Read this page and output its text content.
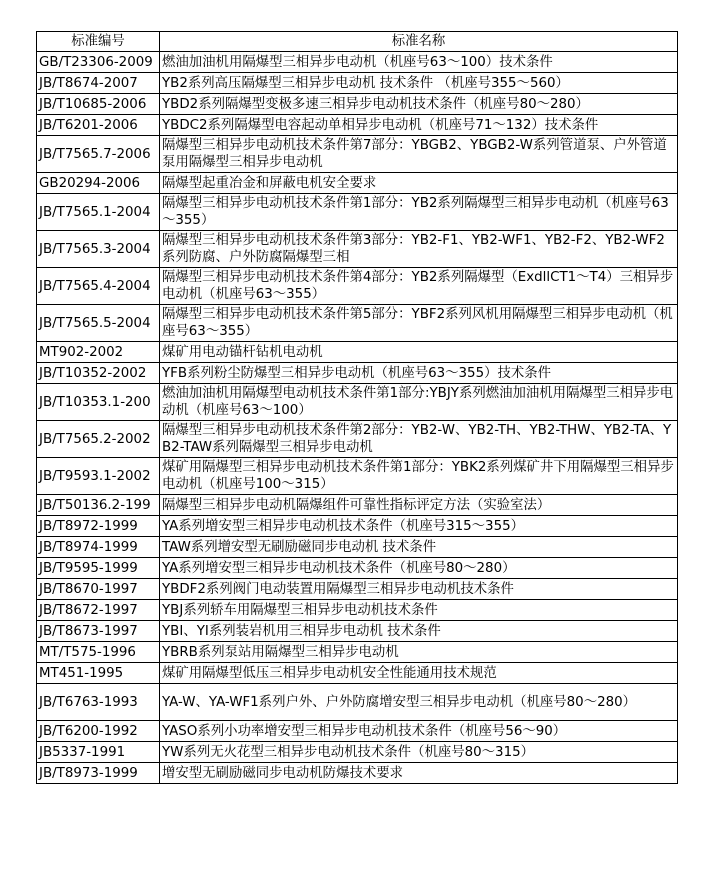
标准编号	标准名称
GB/T23306-2009	燃油加油机用隔爆型三相异步电动机（机座号63～100）技术条件
JB/T8674-2007	YB2系列高压隔爆型三相异步电动机 技术条件 （机座号355～560）
JB/T10685-2006	YBD2系列隔爆型变极多速三相异步电动机技术条件（机座号80～280）
JB/T6201-2006	YBDC2系列隔爆型电容起动单相异步电动机（机座号71～132）技术条件
JB/T7565.7-2006	隔爆型三相异步电动机技术条件第7部分：YBGB2、YBGB2-W系列管道泵、户外管道泵用隔爆型三相异步电动机
GB20294-2006	隔爆型起重冶金和屏蔽电机安全要求
JB/T7565.1-2004	隔爆型三相异步电动机技术条件第1部分：YB2系列隔爆型三相异步电动机（机座号63～355）
JB/T7565.3-2004	隔爆型三相异步电动机技术条件第3部分：YB2-F1、YB2-WF1、YB2-F2、YB2-WF2系列防腐、户外防腐隔爆型三相
JB/T7565.4-2004	隔爆型三相异步电动机技术条件第4部分：YB2系列隔爆型（ExdllCT1～T4）三相异步电动机（机座号63～355）
JB/T7565.5-2004	隔爆型三相异步电动机技术条件第5部分：YBF2系列风机用隔爆型三相异步电动机（机座号63～355）
MT902-2002	煤矿用电动锚杆钻机电动机
JB/T10352-2002	YFB系列粉尘防爆型三相异步电动机（机座号63～355）技术条件
JB/T10353.1-200	燃油加油机用隔爆型电动机技术条件第1部分:YBJY系列燃油加油机用隔爆型三相异步电动机（机座号63～100）
JB/T7565.2-2002	隔爆型三相异步电动机技术条件第2部分：YB2-W、YB2-TH、YB2-THW、YB2-TA、YB2-TAW系列隔爆型三相异步电动机
JB/T9593.1-2002	煤矿用隔爆型三相异步电动机技术条件第1部分：YBK2系列煤矿井下用隔爆型三相异步电动机（机座号100～315）
JB/T50136.2-199	隔爆型三相异步电动机隔爆组件可靠性指标评定方法（实验室法）
JB/T8972-1999	YA系列增安型三相异步电动机技术条件（机座号315～355）
JB/T8974-1999	TAW系列增安型无刷励磁同步电动机 技术条件
JB/T9595-1999	YA系列增安型三相异步电动机技术条件（机座号80～280）
JB/T8670-1997	YBDF2系列阀门电动装置用隔爆型三相异步电动机技术条件
JB/T8672-1997	YBJ系列轿车用隔爆型三相异步电动机技术条件
JB/T8673-1997	YBI、YI系列装岩机用三相异步电动机 技术条件
MT/T575-1996	YBRB系列泵站用隔爆型三相异步电动机
MT451-1995	煤矿用隔爆型低压三相异步电动机安全性能通用技术规范
JB/T6763-1993	YA-W、YA-WF1系列户外、户外防腐增安型三相异步电动机（机座号80～280）
JB/T6200-1992	YASO系列小功率增安型三相异步电动机技术条件（机座号56～90）
JB5337-1991	YW系列无火花型三相异步电动机技术条件（机座号80～315）
JB/T8973-1999	增安型无刷励磁同步电动机防爆技术要求
